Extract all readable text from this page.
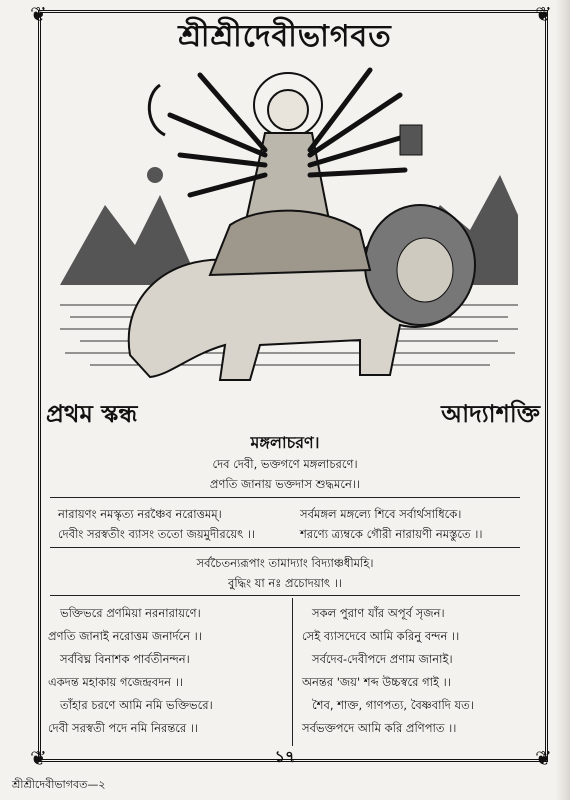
❦	❦
❦	❦
শ্রীশ্রীদেবীভাগবত
প্রথম স্কন্ধ	আদ্যাশক্তি
মঙ্গলাচরণ।
দেব দেবী, ভক্তগণে মঙ্গলাচরণে।
প্রণতি জানায় ভক্তদাস শুদ্ধমনে।।
নারায়ণং নমস্কৃত্য নরঞ্চৈব নরোত্তমম্‌।
দেবীং সরস্বতীং ব্যাসং ততো জয়মুদীরয়েৎ ।।
সর্বমঙ্গল মঙ্গল্যে শিবে সর্বার্থসাধিকে।
শরণ্যে ত্র্যম্বকে গৌরী নারায়ণী নমস্তুতে ।।
সর্বচৈতন্যরূপাং তামাদ্যাং বিদ্যাঞ্চধীমহি।
বুদ্ধিং যা নঃ প্রচোদয়াৎ ।।
ভক্তিভরে প্রণমিয়া নরনারায়ণে।
প্রণতি জানাই নরোত্তম জনার্দনে ।।
সর্ববিঘ্ন বিনাশক পার্বতীনন্দন।
একদন্ত মহাকায় গজেন্দ্রবদন ।।
তাঁহার চরণে আমি নমি ভক্তিভরে।
দেবী সরস্বতী পদে নমি নিরন্তরে ।।
সকল পুরাণ যাঁর অপূর্ব সৃজন।
সেই ব্যাসদেবে আমি করিনু বন্দন ।।
সর্বদেব-দেবীপদে প্রণাম জানাই।
অনন্তর 'জয়' শব্দ উচ্চস্বরে গাই ।।
শৈব, শাক্ত, গাণপত্য, বৈষ্ণবাদি যত।
সর্বভক্তপদে আমি করি প্রণিপাত ।।
১৭
শ্রীশ্রীদেবীভাগবত—২
